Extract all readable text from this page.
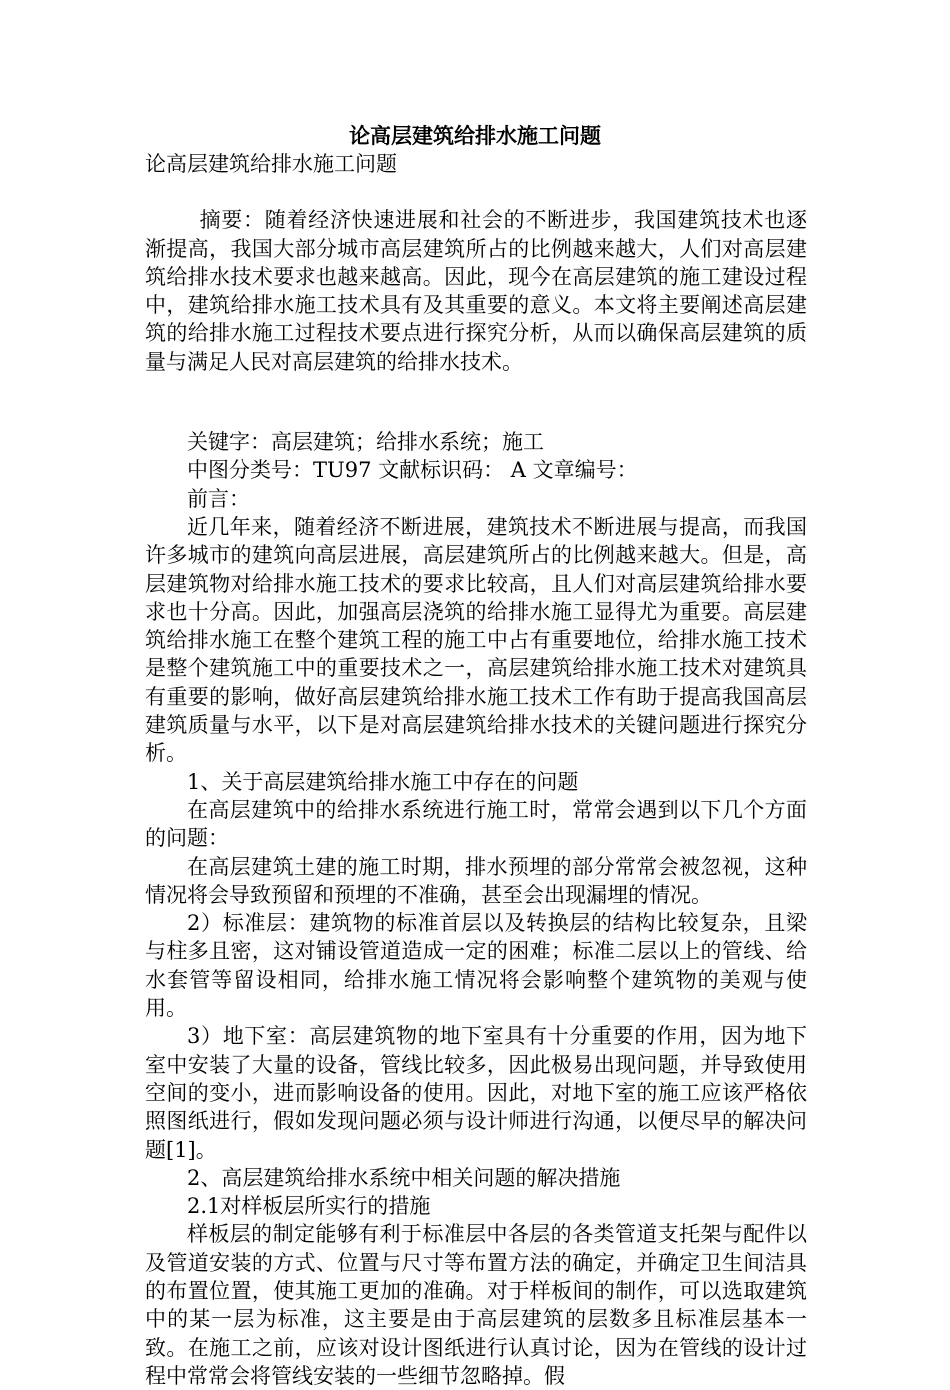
论高层建筑给排水施工问题

论高层建筑给排水施工问题

摘要：随着经济快速进展和社会的不断进步，我国建筑技术也逐渐提高，我国大部分城市高层建筑所占的比例越来越大，人们对高层建筑给排水技术要求也越来越高。因此，现今在高层建筑的施工建设过程中，建筑给排水施工技术具有及其重要的意义。本文将主要阐述高层建筑的给排水施工过程技术要点进行探究分析，从而以确保高层建筑的质量与满足人民对高层建筑的给排水技术。

关键字：高层建筑；给排水系统；施工

中图分类号：TU97 文献标识码： A 文章编号：

前言：

近几年来，随着经济不断进展，建筑技术不断进展与提高，而我国许多城市的建筑向高层进展，高层建筑所占的比例越来越大。但是，高层建筑物对给排水施工技术的要求比较高，且人们对高层建筑给排水要求也十分高。因此，加强高层浇筑的给排水施工显得尤为重要。高层建筑给排水施工在整个建筑工程的施工中占有重要地位，给排水施工技术是整个建筑施工中的重要技术之一，高层建筑给排水施工技术对建筑具有重要的影响，做好高层建筑给排水施工技术工作有助于提高我国高层建筑质量与水平，以下是对高层建筑给排水技术的关键问题进行探究分析。

1、关于高层建筑给排水施工中存在的问题

在高层建筑中的给排水系统进行施工时，常常会遇到以下几个方面的问题：

在高层建筑土建的施工时期，排水预埋的部分常常会被忽视，这种情况将会导致预留和预埋的不准确，甚至会出现漏埋的情况。

2）标准层：建筑物的标准首层以及转换层的结构比较复杂，且梁与柱多且密，这对铺设管道造成一定的困难；标准二层以上的管线、给水套管等留设相同，给排水施工情况将会影响整个建筑物的美观与使用。

3）地下室：高层建筑物的地下室具有十分重要的作用，因为地下室中安装了大量的设备，管线比较多，因此极易出现问题，并导致使用空间的变小，进而影响设备的使用。因此，对地下室的施工应该严格依照图纸进行，假如发现问题必须与设计师进行沟通，以便尽早的解决问题[1]。

2、高层建筑给排水系统中相关问题的解决措施

2.1对样板层所实行的措施

样板层的制定能够有利于标准层中各层的各类管道支托架与配件以及管道安装的方式、位置与尺寸等布置方法的确定，并确定卫生间洁具的布置位置，使其施工更加的准确。对于样板间的制作，可以选取建筑中的某一层为标准，这主要是由于高层建筑的层数多且标准层基本一致。在施工之前，应该对设计图纸进行认真讨论，因为在管线的设计过程中常常会将管线安装的一些细节忽略掉。假
